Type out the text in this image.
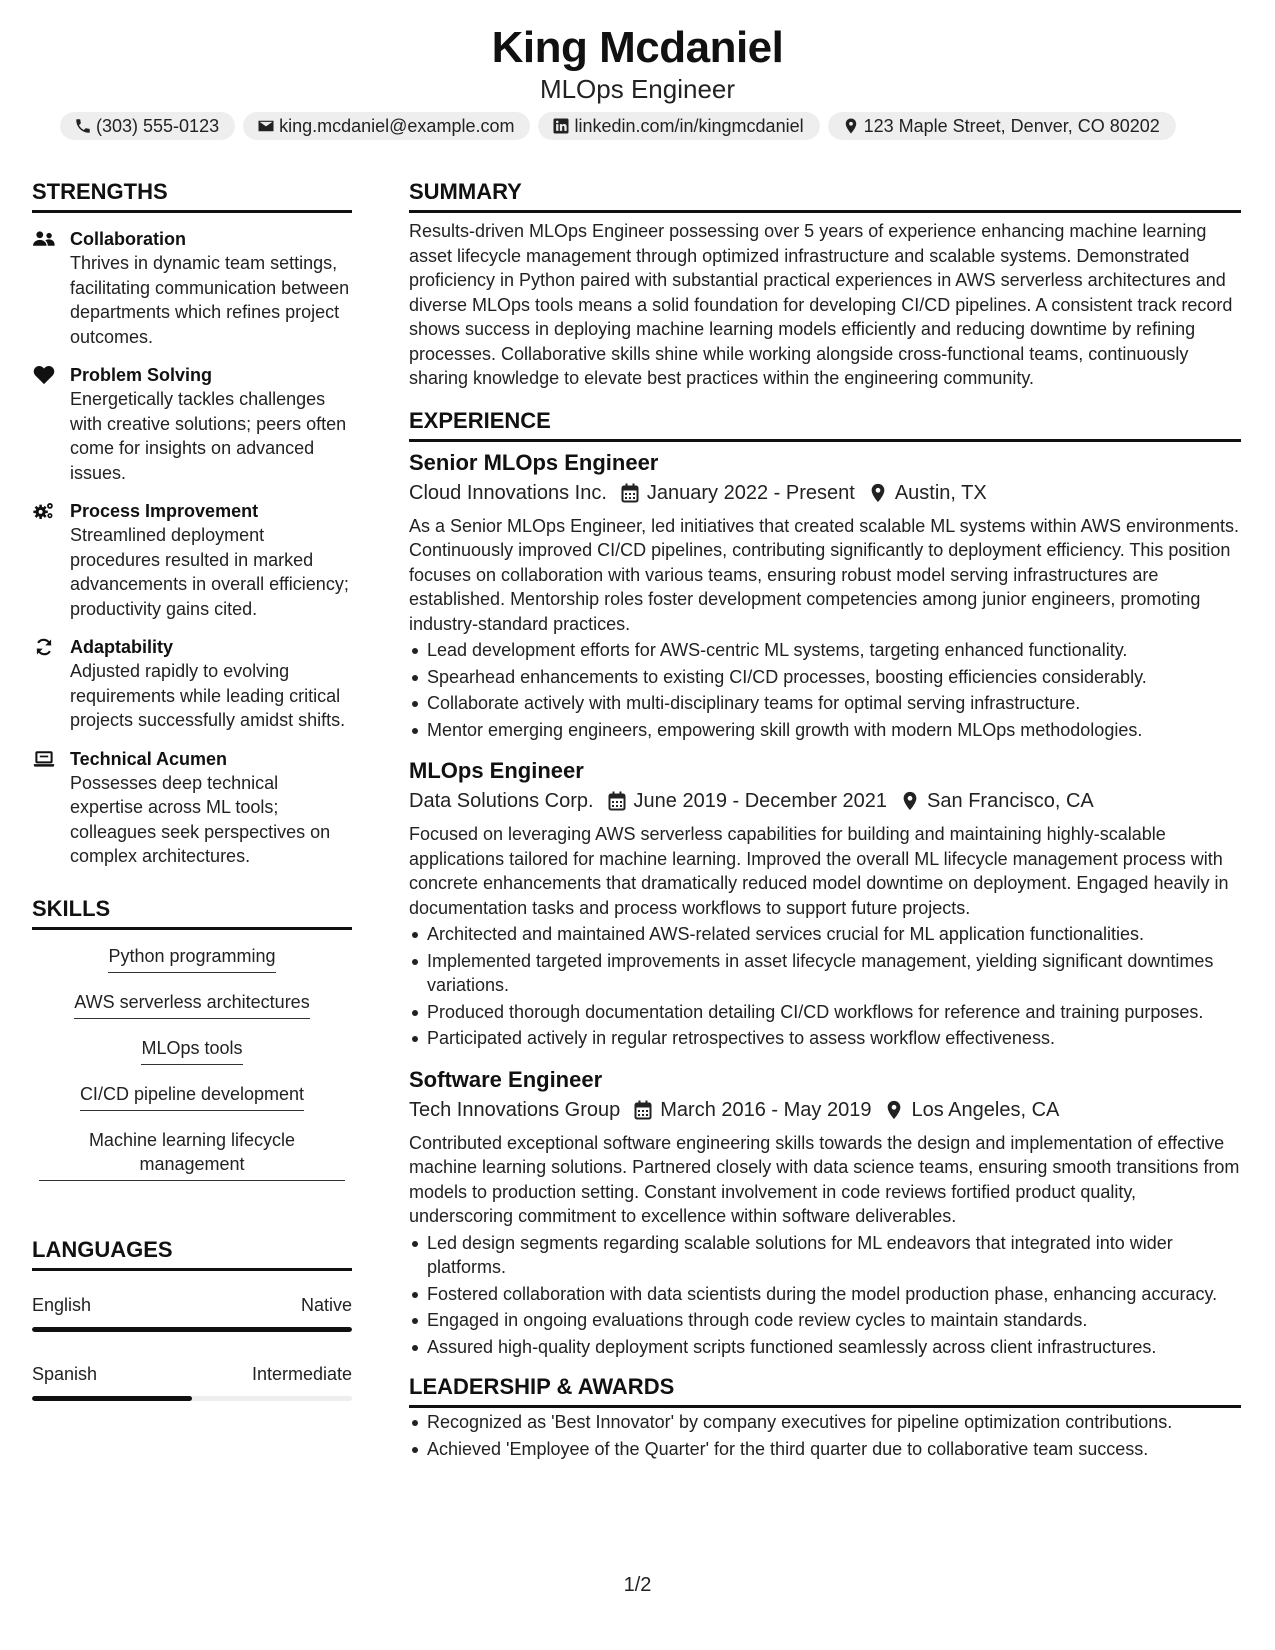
King Mcdaniel
MLOps Engineer
(303) 555-0123	king.mcdaniel@example.com	linkedin.com/in/kingmcdaniel	123 Maple Street, Denver, CO 80202
STRENGTHS
Collaboration
Thrives in dynamic team settings, facilitating communication between departments which refines project outcomes.
Problem Solving
Energetically tackles challenges with creative solutions; peers often come for insights on advanced issues.
Process Improvement
Streamlined deployment procedures resulted in marked advancements in overall efficiency; productivity gains cited.
Adaptability
Adjusted rapidly to evolving requirements while leading critical projects successfully amidst shifts.
Technical Acumen
Possesses deep technical expertise across ML tools; colleagues seek perspectives on complex architectures.
SKILLS
Python programming
AWS serverless architectures
MLOps tools
CI/CD pipeline development
Machine learning lifecycle management
LANGUAGES
English	Native
Spanish	Intermediate
SUMMARY
Results-driven MLOps Engineer possessing over 5 years of experience enhancing machine learning asset lifecycle management through optimized infrastructure and scalable systems. Demonstrated proficiency in Python paired with substantial practical experiences in AWS serverless architectures and diverse MLOps tools means a solid foundation for developing CI/CD pipelines. A consistent track record shows success in deploying machine learning models efficiently and reducing downtime by refining processes. Collaborative skills shine while working alongside cross-functional teams, continuously sharing knowledge to elevate best practices within the engineering community.
EXPERIENCE
Senior MLOps Engineer
Cloud Innovations Inc. January 2022 - Present Austin, TX
As a Senior MLOps Engineer, led initiatives that created scalable ML systems within AWS environments. Continuously improved CI/CD pipelines, contributing significantly to deployment efficiency. This position focuses on collaboration with various teams, ensuring robust model serving infrastructures are established. Mentorship roles foster development competencies among junior engineers, promoting industry-standard practices.
Lead development efforts for AWS-centric ML systems, targeting enhanced functionality.
Spearhead enhancements to existing CI/CD processes, boosting efficiencies considerably.
Collaborate actively with multi-disciplinary teams for optimal serving infrastructure.
Mentor emerging engineers, empowering skill growth with modern MLOps methodologies.
MLOps Engineer
Data Solutions Corp. June 2019 - December 2021 San Francisco, CA
Focused on leveraging AWS serverless capabilities for building and maintaining highly-scalable applications tailored for machine learning. Improved the overall ML lifecycle management process with concrete enhancements that dramatically reduced model downtime on deployment. Engaged heavily in documentation tasks and process workflows to support future projects.
Architected and maintained AWS-related services crucial for ML application functionalities.
Implemented targeted improvements in asset lifecycle management, yielding significant downtimes variations.
Produced thorough documentation detailing CI/CD workflows for reference and training purposes.
Participated actively in regular retrospectives to assess workflow effectiveness.
Software Engineer
Tech Innovations Group March 2016 - May 2019 Los Angeles, CA
Contributed exceptional software engineering skills towards the design and implementation of effective machine learning solutions. Partnered closely with data science teams, ensuring smooth transitions from models to production setting. Constant involvement in code reviews fortified product quality, underscoring commitment to excellence within software deliverables.
Led design segments regarding scalable solutions for ML endeavors that integrated into wider platforms.
Fostered collaboration with data scientists during the model production phase, enhancing accuracy.
Engaged in ongoing evaluations through code review cycles to maintain standards.
Assured high-quality deployment scripts functioned seamlessly across client infrastructures.
LEADERSHIP & AWARDS
Recognized as 'Best Innovator' by company executives for pipeline optimization contributions.
Achieved 'Employee of the Quarter' for the third quarter due to collaborative team success.
1/2
